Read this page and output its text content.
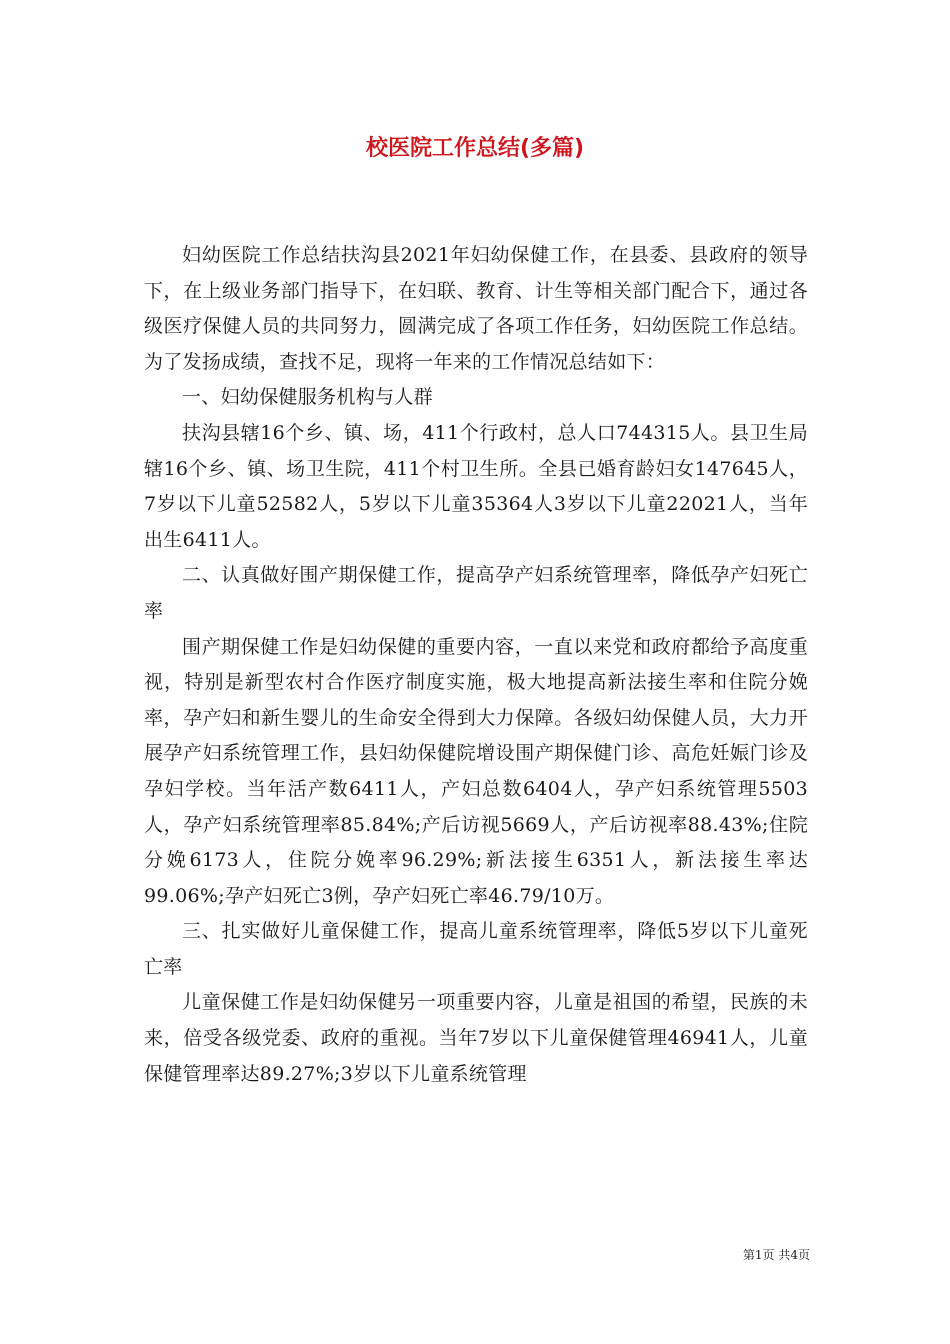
校医院工作总结(多篇)

妇幼医院工作总结扶沟县2021年妇幼保健工作，在县委、县政府的领导下，在上级业务部门指导下，在妇联、教育、计生等相关部门配合下，通过各级医疗保健人员的共同努力，圆满完成了各项工作任务，妇幼医院工作总结。为了发扬成绩，查找不足，现将一年来的工作情况总结如下：

一、妇幼保健服务机构与人群

扶沟县辖16个乡、镇、场，411个行政村，总人口744315人。县卫生局辖16个乡、镇、场卫生院，411个村卫生所。全县已婚育龄妇女147645人，7岁以下儿童52582人，5岁以下儿童35364人3岁以下儿童22021人，当年出生6411人。

二、认真做好围产期保健工作，提高孕产妇系统管理率，降低孕产妇死亡率

围产期保健工作是妇幼保健的重要内容，一直以来党和政府都给予高度重视，特别是新型农村合作医疗制度实施，极大地提高新法接生率和住院分娩率，孕产妇和新生婴儿的生命安全得到大力保障。各级妇幼保健人员，大力开展孕产妇系统管理工作，县妇幼保健院增设围产期保健门诊、高危妊娠门诊及孕妇学校。当年活产数6411人，产妇总数6404人，孕产妇系统管理5503人，孕产妇系统管理率85.84%;产后访视5669人，产后访视率88.43%;住院分娩6173人，住院分娩率96.29%;新法接生6351人，新法接生率达99.06%;孕产妇死亡3例，孕产妇死亡率46.79/10万。

三、扎实做好儿童保健工作，提高儿童系统管理率，降低5岁以下儿童死亡率

儿童保健工作是妇幼保健另一项重要内容，儿童是祖国的希望，民族的未来，倍受各级党委、政府的重视。当年7岁以下儿童保健管理46941人，儿童保健管理率达89.27%;3岁以下儿童系统管理

第1页 共4页
